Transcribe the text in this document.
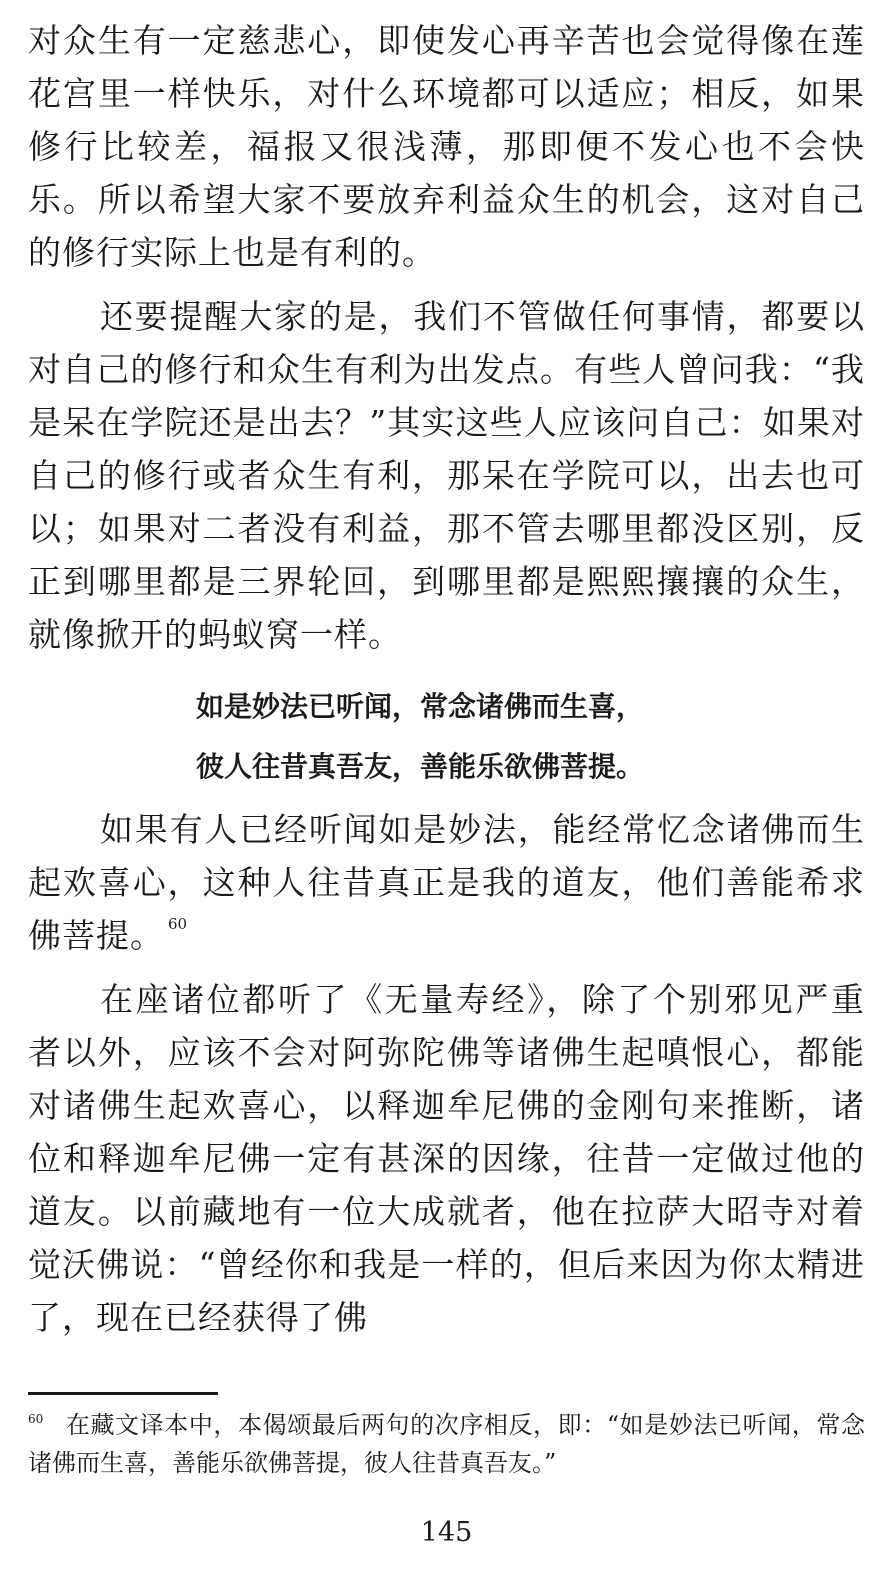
对众生有一定慈悲心，即使发心再辛苦也会觉得像在莲花宫里一样快乐，对什么环境都可以适应；相反，如果修行比较差，福报又很浅薄，那即便不发心也不会快乐。所以希望大家不要放弃利益众生的机会，这对自己的修行实际上也是有利的。

还要提醒大家的是，我们不管做任何事情，都要以对自己的修行和众生有利为出发点。有些人曾问我：“我是呆在学院还是出去？”其实这些人应该问自己：如果对自己的修行或者众生有利，那呆在学院可以，出去也可以；如果对二者没有利益，那不管去哪里都没区别，反正到哪里都是三界轮回，到哪里都是熙熙攘攘的众生，就像掀开的蚂蚁窝一样。

如是妙法已听闻，常念诸佛而生喜，

彼人往昔真吾友，善能乐欲佛菩提。

如果有人已经听闻如是妙法，能经常忆念诸佛而生起欢喜心，这种人往昔真正是我的道友，他们善能希求佛菩提。 $^{60}$

在座诸位都听了《无量寿经》，除了个别邪见严重者以外，应该不会对阿弥陀佛等诸佛生起嗔恨心，都能对诸佛生起欢喜心，以释迦牟尼佛的金刚句来推断，诸位和释迦牟尼佛一定有甚深的因缘，往昔一定做过他的道友。以前藏地有一位大成就者，他在拉萨大昭寺对着觉沃佛说：“曾经你和我是一样的，但后来因为你太精进了，现在已经获得了佛

$^{60}$ 在藏文译本中，本偈颂最后两句的次序相反，即：“如是妙法已听闻，常念诸佛而生喜，善能乐欲佛菩提，彼人往昔真吾友。”

145
